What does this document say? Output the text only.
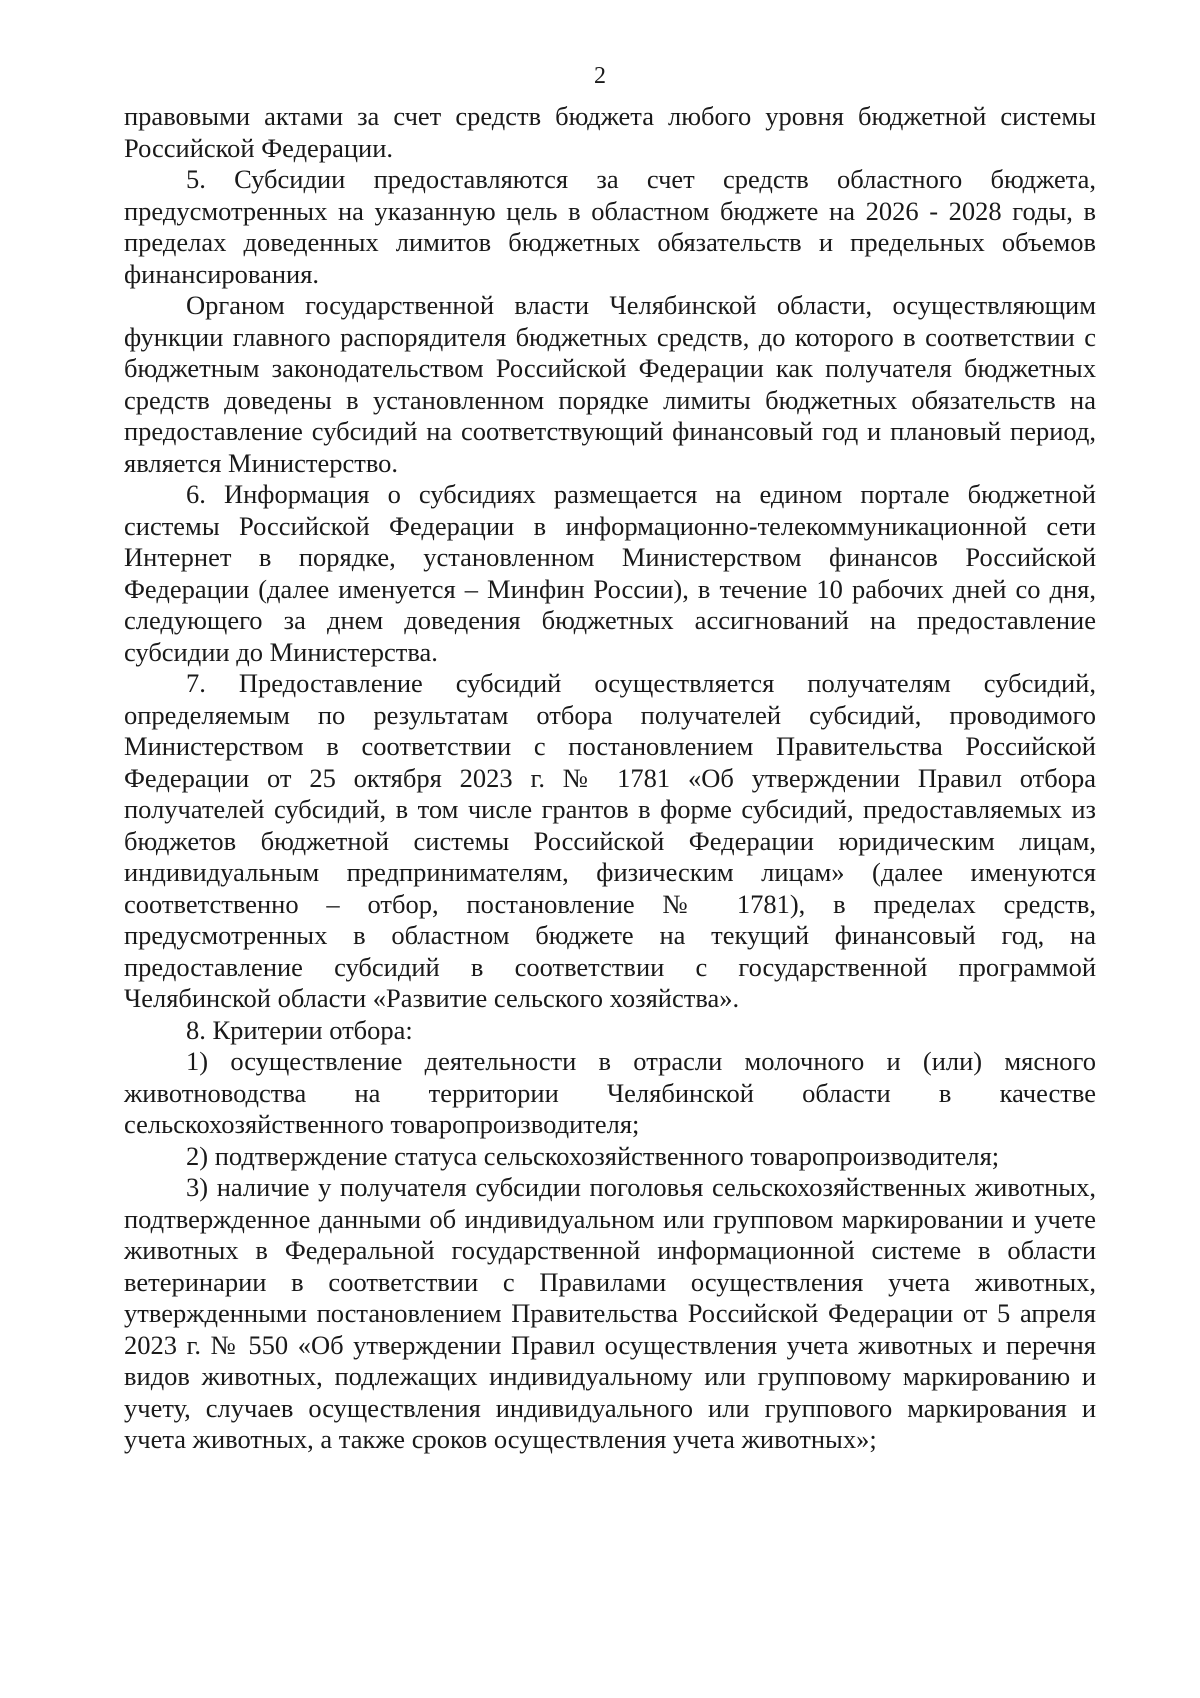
2

правовыми актами за счет средств бюджета любого уровня бюджетной системы Российской Федерации.

5. Субсидии предоставляются за счет средств областного бюджета, предусмотренных на указанную цель в областном бюджете на 2026 - 2028 годы, в пределах доведенных лимитов бюджетных обязательств и предельных объемов финансирования.

Органом государственной власти Челябинской области, осуществляющим функции главного распорядителя бюджетных средств, до которого в соответствии с бюджетным законодательством Российской Федерации как получателя бюджетных средств доведены в установленном порядке лимиты бюджетных обязательств на предоставление субсидий на соответствующий финансовый год и плановый период, является Министерство.

6. Информация о субсидиях размещается на едином портале бюджетной системы Российской Федерации в информационно-телекоммуникационной сети Интернет в порядке, установленном Министерством финансов Российской Федерации (далее именуется – Минфин России), в течение 10 рабочих дней со дня, следующего за днем доведения бюджетных ассигнований на предоставление субсидии до Министерства.

7. Предоставление субсидий осуществляется получателям субсидий, определяемым по результатам отбора получателей субсидий, проводимого Министерством в соответствии с постановлением Правительства Российской Федерации от 25 октября 2023 г. № 1781 «Об утверждении Правил отбора получателей субсидий, в том числе грантов в форме субсидий, предоставляемых из бюджетов бюджетной системы Российской Федерации юридическим лицам, индивидуальным предпринимателям, физическим лицам» (далее именуются соответственно – отбор, постановление № 1781), в пределах средств, предусмотренных в областном бюджете на текущий финансовый год, на предоставление субсидий в соответствии с государственной программой Челябинской области «Развитие сельского хозяйства».

8. Критерии отбора:

1) осуществление деятельности в отрасли молочного и (или) мясного животноводства на территории Челябинской области в качестве сельскохозяйственного товаропроизводителя;

2) подтверждение статуса сельскохозяйственного товаропроизводителя;

3) наличие у получателя субсидии поголовья сельскохозяйственных животных, подтвержденное данными об индивидуальном или групповом маркировании и учете животных в Федеральной государственной информационной системе в области ветеринарии в соответствии с Правилами осуществления учета животных, утвержденными постановлением Правительства Российской Федерации от 5 апреля 2023 г. № 550 «Об утверждении Правил осуществления учета животных и перечня видов животных, подлежащих индивидуальному или групповому маркированию и учету, случаев осуществления индивидуального или группового маркирования и учета животных, а также сроков осуществления учета животных»;
